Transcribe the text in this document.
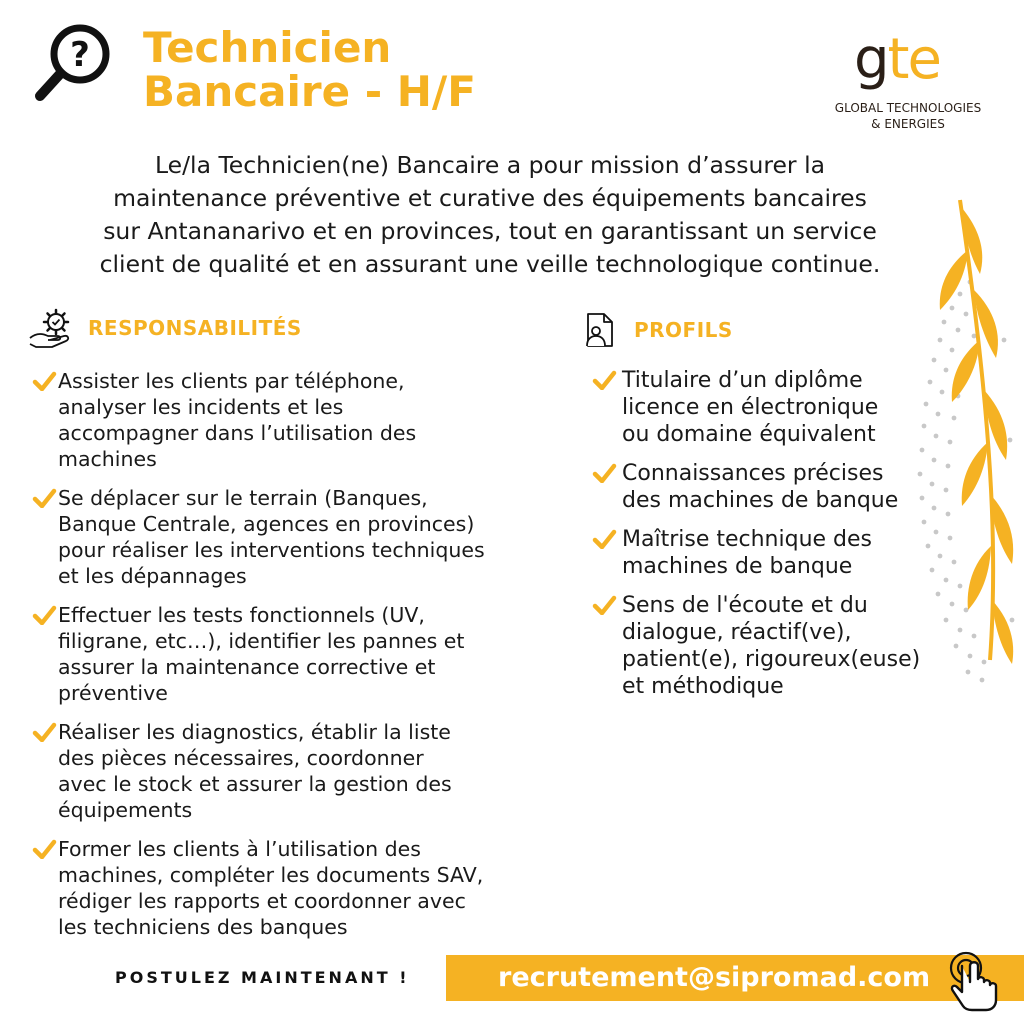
? Technicien
Bancaire - H/F	gte
GLOBAL TECHNOLOGIES
& ENERGIES

Le/la Technicien(ne) Bancaire a pour mission d’assurer la
maintenance préventive et curative des équipements bancaires
sur Antananarivo et en provinces, tout en garantissant un service
client de qualité et en assurant une veille technologique continue.

RESPONSABILITÉS
Assister les clients par téléphone,
analyser les incidents et les
accompagner dans l’utilisation des
machines
Se déplacer sur le terrain (Banques,
Banque Centrale, agences en provinces)
pour réaliser les interventions techniques
et les dépannages
Effectuer les tests fonctionnels (UV,
filigrane, etc…), identifier les pannes et
assurer la maintenance corrective et
préventive
Réaliser les diagnostics, établir la liste
des pièces nécessaires, coordonner
avec le stock et assurer la gestion des
équipements
Former les clients à l’utilisation des
machines, compléter les documents SAV,
rédiger les rapports et coordonner avec
les techniciens des banques
PROFILS
Titulaire d’un diplôme
licence en électronique
ou domaine équivalent
Connaissances précises
des machines de banque
Maîtrise technique des
machines de banque
Sens de l'écoute et du
dialogue, réactif(ve),
patient(e), rigoureux(euse)
et méthodique
POSTULEZ MAINTENANT !	recrutement@sipromad.com
